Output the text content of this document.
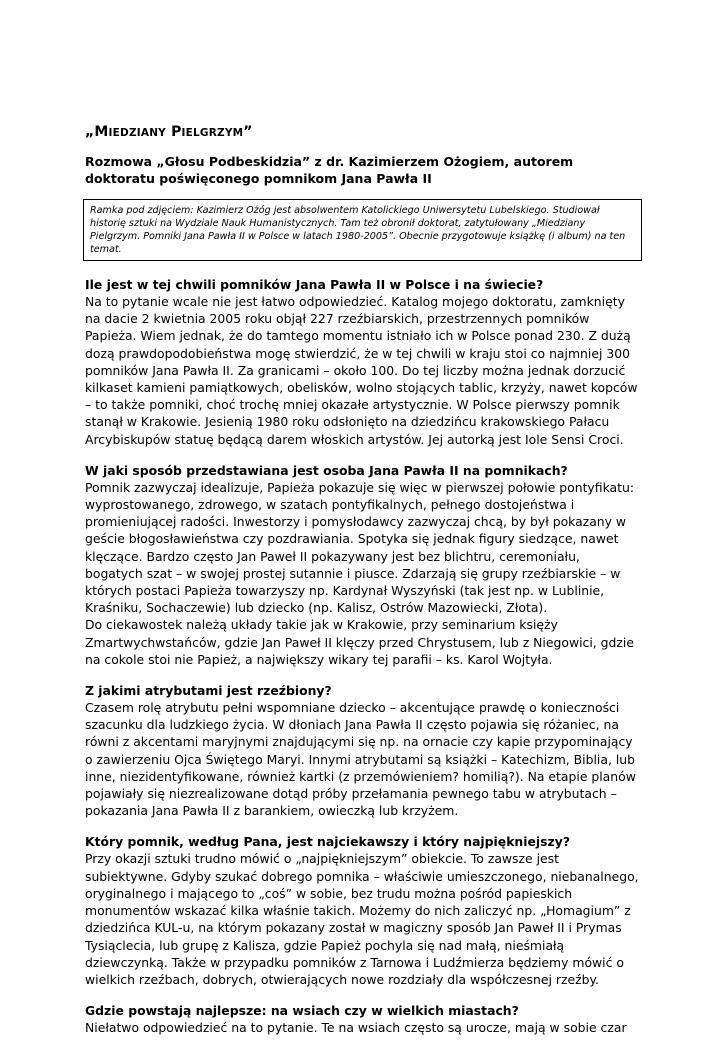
„MIEDZIANY PIELGRZYM”

Rozmowa „Głosu Podbeskidzia” z dr. Kazimierzem Ożogiem, autorem doktoratu poświęconego pomnikom Jana Pawła II

Ramka pod zdjęciem: Kazimierz Ożóg jest absolwentem Katolickiego Uniwersytetu Lubelskiego. Studiował historię sztuki na Wydziale Nauk Humanistycznych. Tam też obronił doktorat, zatytułowany „Miedziany Pielgrzym. Pomniki Jana Pawła II w Polsce w latach 1980-2005”. Obecnie przygotowuje książkę (i album) na ten temat.

Ile jest w tej chwili pomników Jana Pawła II w Polsce i na świecie?

Na to pytanie wcale nie jest łatwo odpowiedzieć. Katalog mojego doktoratu, zamknięty na dacie 2 kwietnia 2005 roku objął 227 rzeźbiarskich, przestrzennych pomników Papieża. Wiem jednak, że do tamtego momentu istniało ich w Polsce ponad 230. Z dużą dozą prawdopodobieństwa mogę stwierdzić, że w tej chwili w kraju stoi co najmniej 300 pomników Jana Pawła II. Za granicami – około 100. Do tej liczby można jednak dorzucić kilkaset kamieni pamiątkowych, obelisków, wolno stojących tablic, krzyży, nawet kopców – to także pomniki, choć trochę mniej okazałe artystycznie. W Polsce pierwszy pomnik stanął w Krakowie. Jesienią 1980 roku odsłonięto na dziedzińcu krakowskiego Pałacu Arcybiskupów statuę będącą darem włoskich artystów. Jej autorką jest Iole Sensi Croci.

W jaki sposób przedstawiana jest osoba Jana Pawła II na pomnikach?

Pomnik zazwyczaj idealizuje, Papieża pokazuje się więc w pierwszej połowie pontyfikatu: wyprostowanego, zdrowego, w szatach pontyfikalnych, pełnego dostojeństwa i promieniującej radości. Inwestorzy i pomysłodawcy zazwyczaj chcą, by był pokazany w geście błogosławieństwa czy pozdrawiania. Spotyka się jednak figury siedzące, nawet klęczące. Bardzo często Jan Paweł II pokazywany jest bez blichtru, ceremoniału, bogatych szat – w swojej prostej sutannie i piusce. Zdarzają się grupy rzeźbiarskie – w których postaci Papieża towarzyszy np. Kardynał Wyszyński (tak jest np. w Lublinie, Kraśniku, Sochaczewie) lub dziecko (np. Kalisz, Ostrów Mazowiecki, Złota).

Do ciekawostek należą układy takie jak w Krakowie, przy seminarium księży Zmartwychwstańców, gdzie Jan Paweł II klęczy przed Chrystusem, lub z Niegowici, gdzie na cokole stoi nie Papież, a największy wikary tej parafii – ks. Karol Wojtyła.

Z jakimi atrybutami jest rzeźbiony?

Czasem rolę atrybutu pełni wspomniane dziecko – akcentujące prawdę o konieczności szacunku dla ludzkiego życia. W dłoniach Jana Pawła II często pojawia się różaniec, na równi z akcentami maryjnymi znajdującymi się np. na ornacie czy kapie przypominający o zawierzeniu Ojca Świętego Maryi. Innymi atrybutami są książki – Katechizm, Biblia, lub inne, niezidentyfikowane, również kartki (z przemówieniem? homilią?). Na etapie planów pojawiały się niezrealizowane dotąd próby przełamania pewnego tabu w atrybutach – pokazania Jana Pawła II z barankiem, owieczką lub krzyżem.

Który pomnik, według Pana, jest najciekawszy i który najpiękniejszy?

Przy okazji sztuki trudno mówić o „najpiękniejszym” obiekcie. To zawsze jest subiektywne. Gdyby szukać dobrego pomnika – właściwie umieszczonego, niebanalnego, oryginalnego i mającego to „coś” w sobie, bez trudu można pośród papieskich monumentów wskazać kilka właśnie takich. Możemy do nich zaliczyć np. „Homagium” z dziedzińca KUL-u, na którym pokazany został w magiczny sposób Jan Paweł II i Prymas Tysiąclecia, lub grupę z Kalisza, gdzie Papież pochyla się nad małą, nieśmiałą dziewczynką. Także w przypadku pomników z Tarnowa i Ludźmierza będziemy mówić o wielkich rzeźbach, dobrych, otwierających nowe rozdziały dla współczesnej rzeźby.

Gdzie powstają najlepsze: na wsiach czy w wielkich miastach?

Niełatwo odpowiedzieć na to pytanie. Te na wsiach często są urocze, mają w sobie czar
